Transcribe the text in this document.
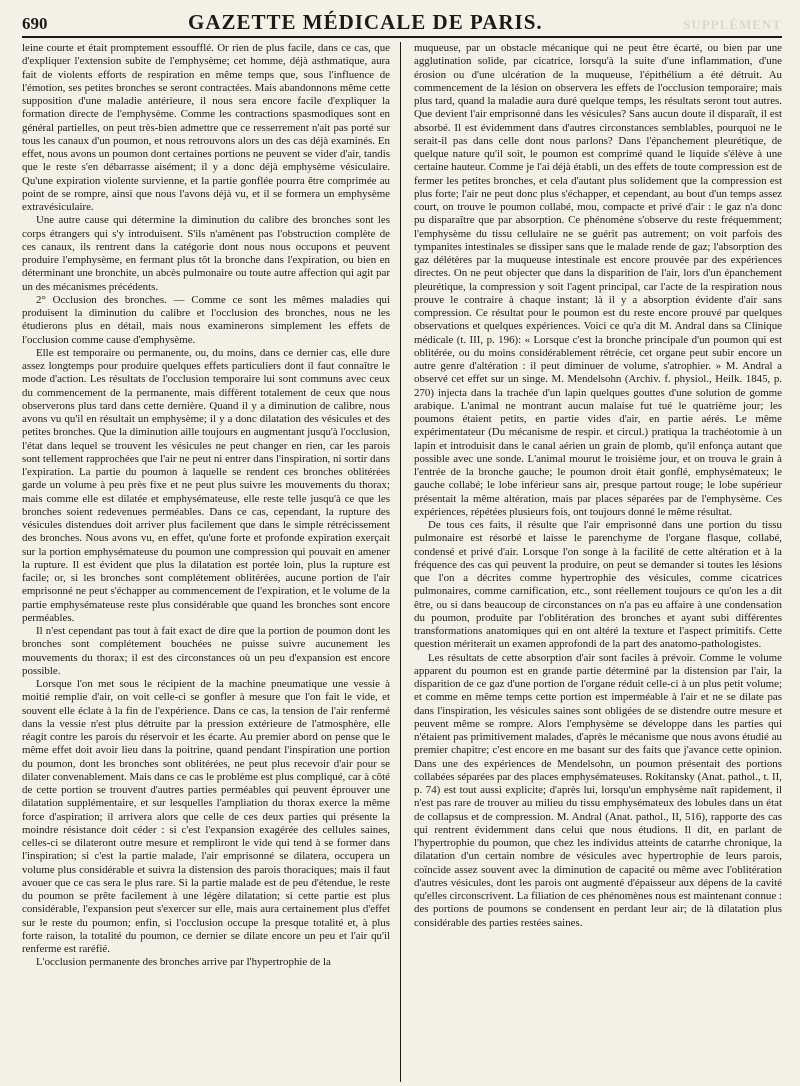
690	GAZETTE MÉDICALE DE PARIS.	SUPPLÉMENT

leine courte et était promptement essoufflé. Or rien de plus facile, dans ce cas, que d'expliquer l'extension subite de l'emphysème; cet homme, déjà asthmatique, aura fait de violents efforts de respiration en même temps que, sous l'influence de l'émotion, ses petites bronches se seront contractées. Mais abandonnons même cette supposition d'une maladie antérieure, il nous sera encore facile d'expliquer la formation directe de l'emphysème. Comme les contractions spasmodiques sont en général partielles, on peut très-bien admettre que ce resserrement n'ait pas porté sur tous les canaux d'un poumon, et nous retrouvons alors un des cas déjà examinés. En effet, nous avons un poumon dont certaines portions ne peuvent se vider d'air, tandis que le reste s'en débarrasse aisément; il y a donc déjà emphysème vésiculaire. Qu'une expiration violente survienne, et la partie gonflée pourra être comprimée au point de se rompre, ainsi que nous l'avons déjà vu, et il se formera un emphysème extravésiculaire.

Une autre cause qui détermine la diminution du calibre des bronches sont les corps étrangers qui s'y introduisent. S'ils n'amènent pas l'obstruction complète de ces canaux, ils rentrent dans la catégorie dont nous nous occupons et peuvent produire l'emphysème, en fermant plus tôt la bronche dans l'expiration, ou bien en déterminant une bronchite, un abcès pulmonaire ou toute autre affection qui agit par un des mécanismes précédents.

2° Occlusion des bronches. — Comme ce sont les mêmes maladies qui produisent la diminution du calibre et l'occlusion des bronches, nous ne les étudierons plus en détail, mais nous examinerons simplement les effets de l'occlusion comme cause d'emphysème.

Elle est temporaire ou permanente, ou, du moins, dans ce dernier cas, elle dure assez longtemps pour produire quelques effets particuliers dont il faut connaître le mode d'action. Les résultats de l'occlusion temporaire lui sont communs avec ceux du commencement de la permanente, mais diffèrent totalement de ceux que nous observerons plus tard dans cette dernière. Quand il y a diminution de calibre, nous avons vu qu'il en résultait un emphysème; il y a donc dilatation des vésicules et des petites bronches. Que la diminution aille toujours en augmentant jusqu'à l'occlusion, l'état dans lequel se trouvent les vésicules ne peut changer en rien, car les parois sont tellement rapprochées que l'air ne peut ni entrer dans l'inspiration, ni sortir dans l'expiration. La partie du poumon à laquelle se rendent ces bronches oblitérées garde un volume à peu près fixe et ne peut plus suivre les mouvements du thorax; mais comme elle est dilatée et emphysémateuse, elle reste telle jusqu'à ce que les bronches soient redevenues perméables. Dans ce cas, cependant, la rupture des vésicules distendues doit arriver plus facilement que dans le simple rétrécissement des bronches. Nous avons vu, en effet, qu'une forte et profonde expiration exerçait sur la portion emphysémateuse du poumon une compression qui pouvait en amener la rupture. Il est évident que plus la dilatation est portée loin, plus la rupture est facile; or, si les bronches sont complétement oblitérées, aucune portion de l'air emprisonné ne peut s'échapper au commencement de l'expiration, et le volume de la partie emphysémateuse reste plus considérable que quand les bronches sont encore perméables.

Il n'est cependant pas tout à fait exact de dire que la portion de poumon dont les bronches sont complétement bouchées ne puisse suivre aucunement les mouvements du thorax; il est des circonstances où un peu d'expansion est encore possible.

Lorsque l'on met sous le récipient de la machine pneumatique une vessie à moitié remplie d'air, on voit celle-ci se gonfler à mesure que l'on fait le vide, et souvent elle éclate à la fin de l'expérience. Dans ce cas, la tension de l'air renfermé dans la vessie n'est plus détruite par la pression extérieure de l'atmosphère, elle réagit contre les parois du réservoir et les écarte. Au premier abord on pense que le même effet doit avoir lieu dans la poitrine, quand pendant l'inspiration une portion du poumon, dont les bronches sont oblitérées, ne peut plus recevoir d'air pour se dilater convenablement. Mais dans ce cas le problème est plus compliqué, car à côté de cette portion se trouvent d'autres parties perméables qui peuvent éprouver une dilatation supplémentaire, et sur lesquelles l'ampliation du thorax exerce la même force d'aspiration; il arrivera alors que celle de ces deux parties qui présente la moindre résistance doit céder : si c'est l'expansion exagérée des cellules saines, celles-ci se dilateront outre mesure et rempliront le vide qui tend à se former dans l'inspiration; si c'est la partie malade, l'air emprisonné se dilatera, occupera un volume plus considérable et suivra la distension des parois thoraciques; mais il faut avouer que ce cas sera le plus rare. Si la partie malade est de peu d'étendue, le reste du poumon se prête facilement à une légère dilatation; si cette partie est plus considérable, l'expansion peut s'exercer sur elle, mais aura certainement plus d'effet sur le reste du poumon; enfin, si l'occlusion occupe la presque totalité et, à plus forte raison, la totalité du poumon, ce dernier se dilate encore un peu et l'air qu'il renferme est raréfié.

L'occlusion permanente des bronches arrive par l'hypertrophie de la

muqueuse, par un obstacle mécanique qui ne peut être écarté, ou bien par une agglutination solide, par cicatrice, lorsqu'à la suite d'une inflammation, d'une érosion ou d'une ulcération de la muqueuse, l'épithélium a été détruit. Au commencement de la lésion on observera les effets de l'occlusion temporaire; mais plus tard, quand la maladie aura duré quelque temps, les résultats seront tout autres. Que devient l'air emprisonné dans les vésicules? Sans aucun doute il disparaît, il est absorbé. Il est évidemment dans d'autres circonstances semblables, pourquoi ne le serait-il pas dans celle dont nous parlons? Dans l'épanchement pleurétique, de quelque nature qu'il soit, le poumon est comprimé quand le liquide s'élève à une certaine hauteur. Comme je l'ai déjà établi, un des effets de toute compression est de fermer les petites bronches, et cela d'autant plus solidement que la compression est plus forte; l'air ne peut donc plus s'échapper, et cependant, au bout d'un temps assez court, on trouve le poumon collabé, mou, compacte et privé d'air : le gaz n'a donc pu disparaître que par absorption. Ce phénomène s'observe du reste fréquemment; l'emphysème du tissu cellulaire ne se guérit pas autrement; on voit parfois des tympanites intestinales se dissiper sans que le malade rende de gaz; l'absorption des gaz délétères par la muqueuse intestinale est encore prouvée par des expériences directes. On ne peut objecter que dans la disparition de l'air, lors d'un épanchement pleurétique, la compression y soit l'agent principal, car l'acte de la respiration nous prouve le contraire à chaque instant; là il y a absorption évidente d'air sans compression. Ce résultat pour le poumon est du reste encore prouvé par quelques observations et quelques expériences. Voici ce qu'a dit M. Andral dans sa Clinique médicale (t. III, p. 196): « Lorsque c'est la bronche principale d'un poumon qui est oblitérée, ou du moins considérablement rétrécie, cet organe peut subir encore un autre genre d'altération : il peut diminuer de volume, s'atrophier. » M. Andral a observé cet effet sur un singe. M. Mendelsohn (Archiv. f. physiol., Heilk. 1845, p. 270) injecta dans la trachée d'un lapin quelques gouttes d'une solution de gomme arabique. L'animal ne montrant aucun malaise fut tué le quatrième jour; les poumons étaient petits, en partie vides d'air, en partie aérés. Le même expérimentateur (Du mécanisme de respir. et circul.) pratiqua la trachéotomie à un lapin et introduisit dans le canal aérien un grain de plomb, qu'il enfonça autant que possible avec une sonde. L'animal mourut le troisième jour, et on trouva le grain à l'entrée de la bronche gauche; le poumon droit était gonflé, emphysémateux; le gauche collabé; le lobe inférieur sans air, presque partout rouge; le lobe supérieur présentait la même altération, mais par places séparées par de l'emphysème. Ces expériences, répétées plusieurs fois, ont toujours donné le même résultat.

De tous ces faits, il résulte que l'air emprisonné dans une portion du tissu pulmonaire est résorbé et laisse le parenchyme de l'organe flasque, collabé, condensé et privé d'air. Lorsque l'on songe à la facilité de cette altération et à la fréquence des cas qui peuvent la produire, on peut se demander si toutes les lésions que l'on a décrites comme hypertrophie des vésicules, comme cicatrices pulmonaires, comme carnification, etc., sont réellement toujours ce qu'on les a dit être, ou si dans beaucoup de circonstances on n'a pas eu affaire à une condensation du poumon, produite par l'oblitération des bronches et ayant subi différentes transformations anatomiques qui en ont altéré la texture et l'aspect primitifs. Cette question mériterait un examen approfondi de la part des anatomo-pathologistes.

Les résultats de cette absorption d'air sont faciles à prévoir. Comme le volume apparent du poumon est en grande partie déterminé par la distension par l'air, la disparition de ce gaz d'une portion de l'organe réduit celle-ci à un plus petit volume; et comme en même temps cette portion est imperméable à l'air et ne se dilate pas dans l'inspiration, les vésicules saines sont obligées de se distendre outre mesure et peuvent même se rompre. Alors l'emphysème se développe dans les parties qui n'étaient pas primitivement malades, d'après le mécanisme que nous avons étudié au premier chapitre; c'est encore en me basant sur des faits que j'avance cette opinion. Dans une des expériences de Mendelsohn, un poumon présentait des portions collabées séparées par des places emphysémateuses. Rokitansky (Anat. pathol., t. II, p. 74) est tout aussi explicite; d'après lui, lorsqu'un emphysème naît rapidement, il n'est pas rare de trouver au milieu du tissu emphysémateux des lobules dans un état de collapsus et de compression. M. Andral (Anat. pathol., II, 516), rapporte des cas qui rentrent évidemment dans celui que nous étudions. Il dit, en parlant de l'hypertrophie du poumon, que chez les individus atteints de catarrhe chronique, la dilatation d'un certain nombre de vésicules avec hypertrophie de leurs parois, coïncide assez souvent avec la diminution de capacité ou même avec l'oblitération d'autres vésicules, dont les parois ont augmenté d'épaisseur aux dépens de la cavité qu'elles circonscrivent. La filiation de ces phénomènes nous est maintenant connue : des portions de poumons se condensent en perdant leur air; de là dilatation plus considérable des parties restées saines.
